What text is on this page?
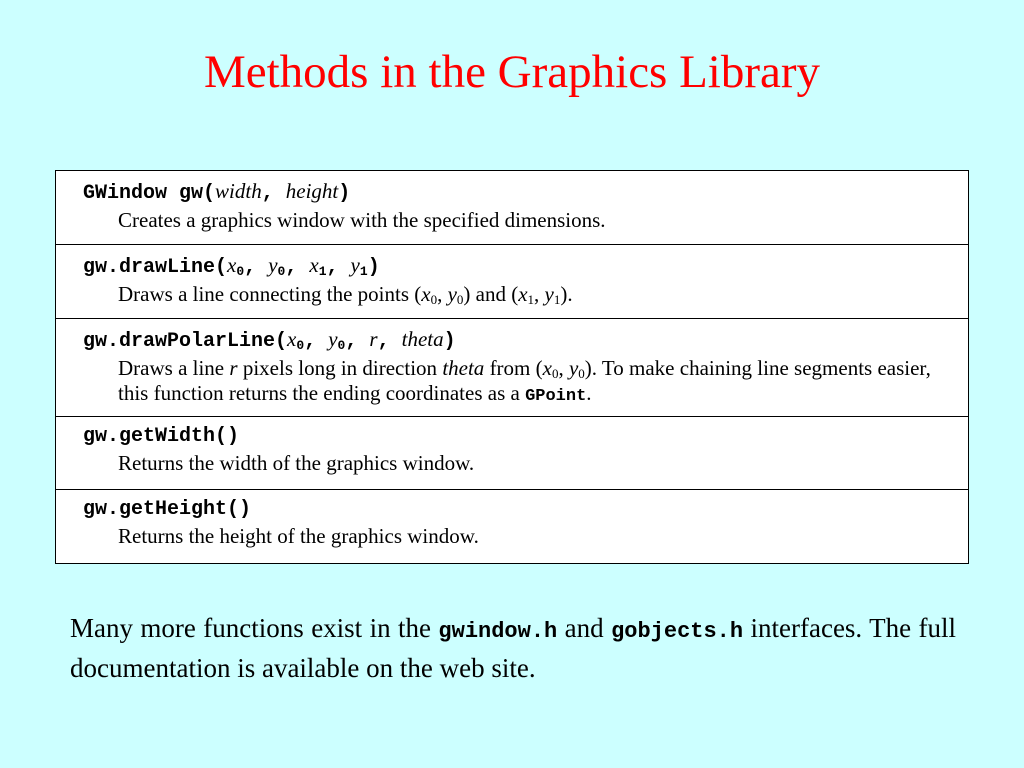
Methods in the Graphics Library
GWindow gw(width, height)
Creates a graphics window with the specified dimensions.
$gw.drawLine(x_0$, $y_0$, $x_1$, $y_1$)
Draws a line connecting the points ($x_0$, $y_0$) and ($x_1$, $y_1$).
$gw.drawPolarLine(x_0$, $y_0$, r, theta)
Draws a line r pixels long in direction theta from ($x_0$, $y_0$). To make chaining line segments easier, this function returns the ending coordinates as a GPoint.
gw.getWidth()
Returns the width of the graphics window.
gw.getHeight()
Returns the height of the graphics window.
Many more functions exist in the gwindow.h and gobjects.h interfaces. The full documentation is available on the web site.
